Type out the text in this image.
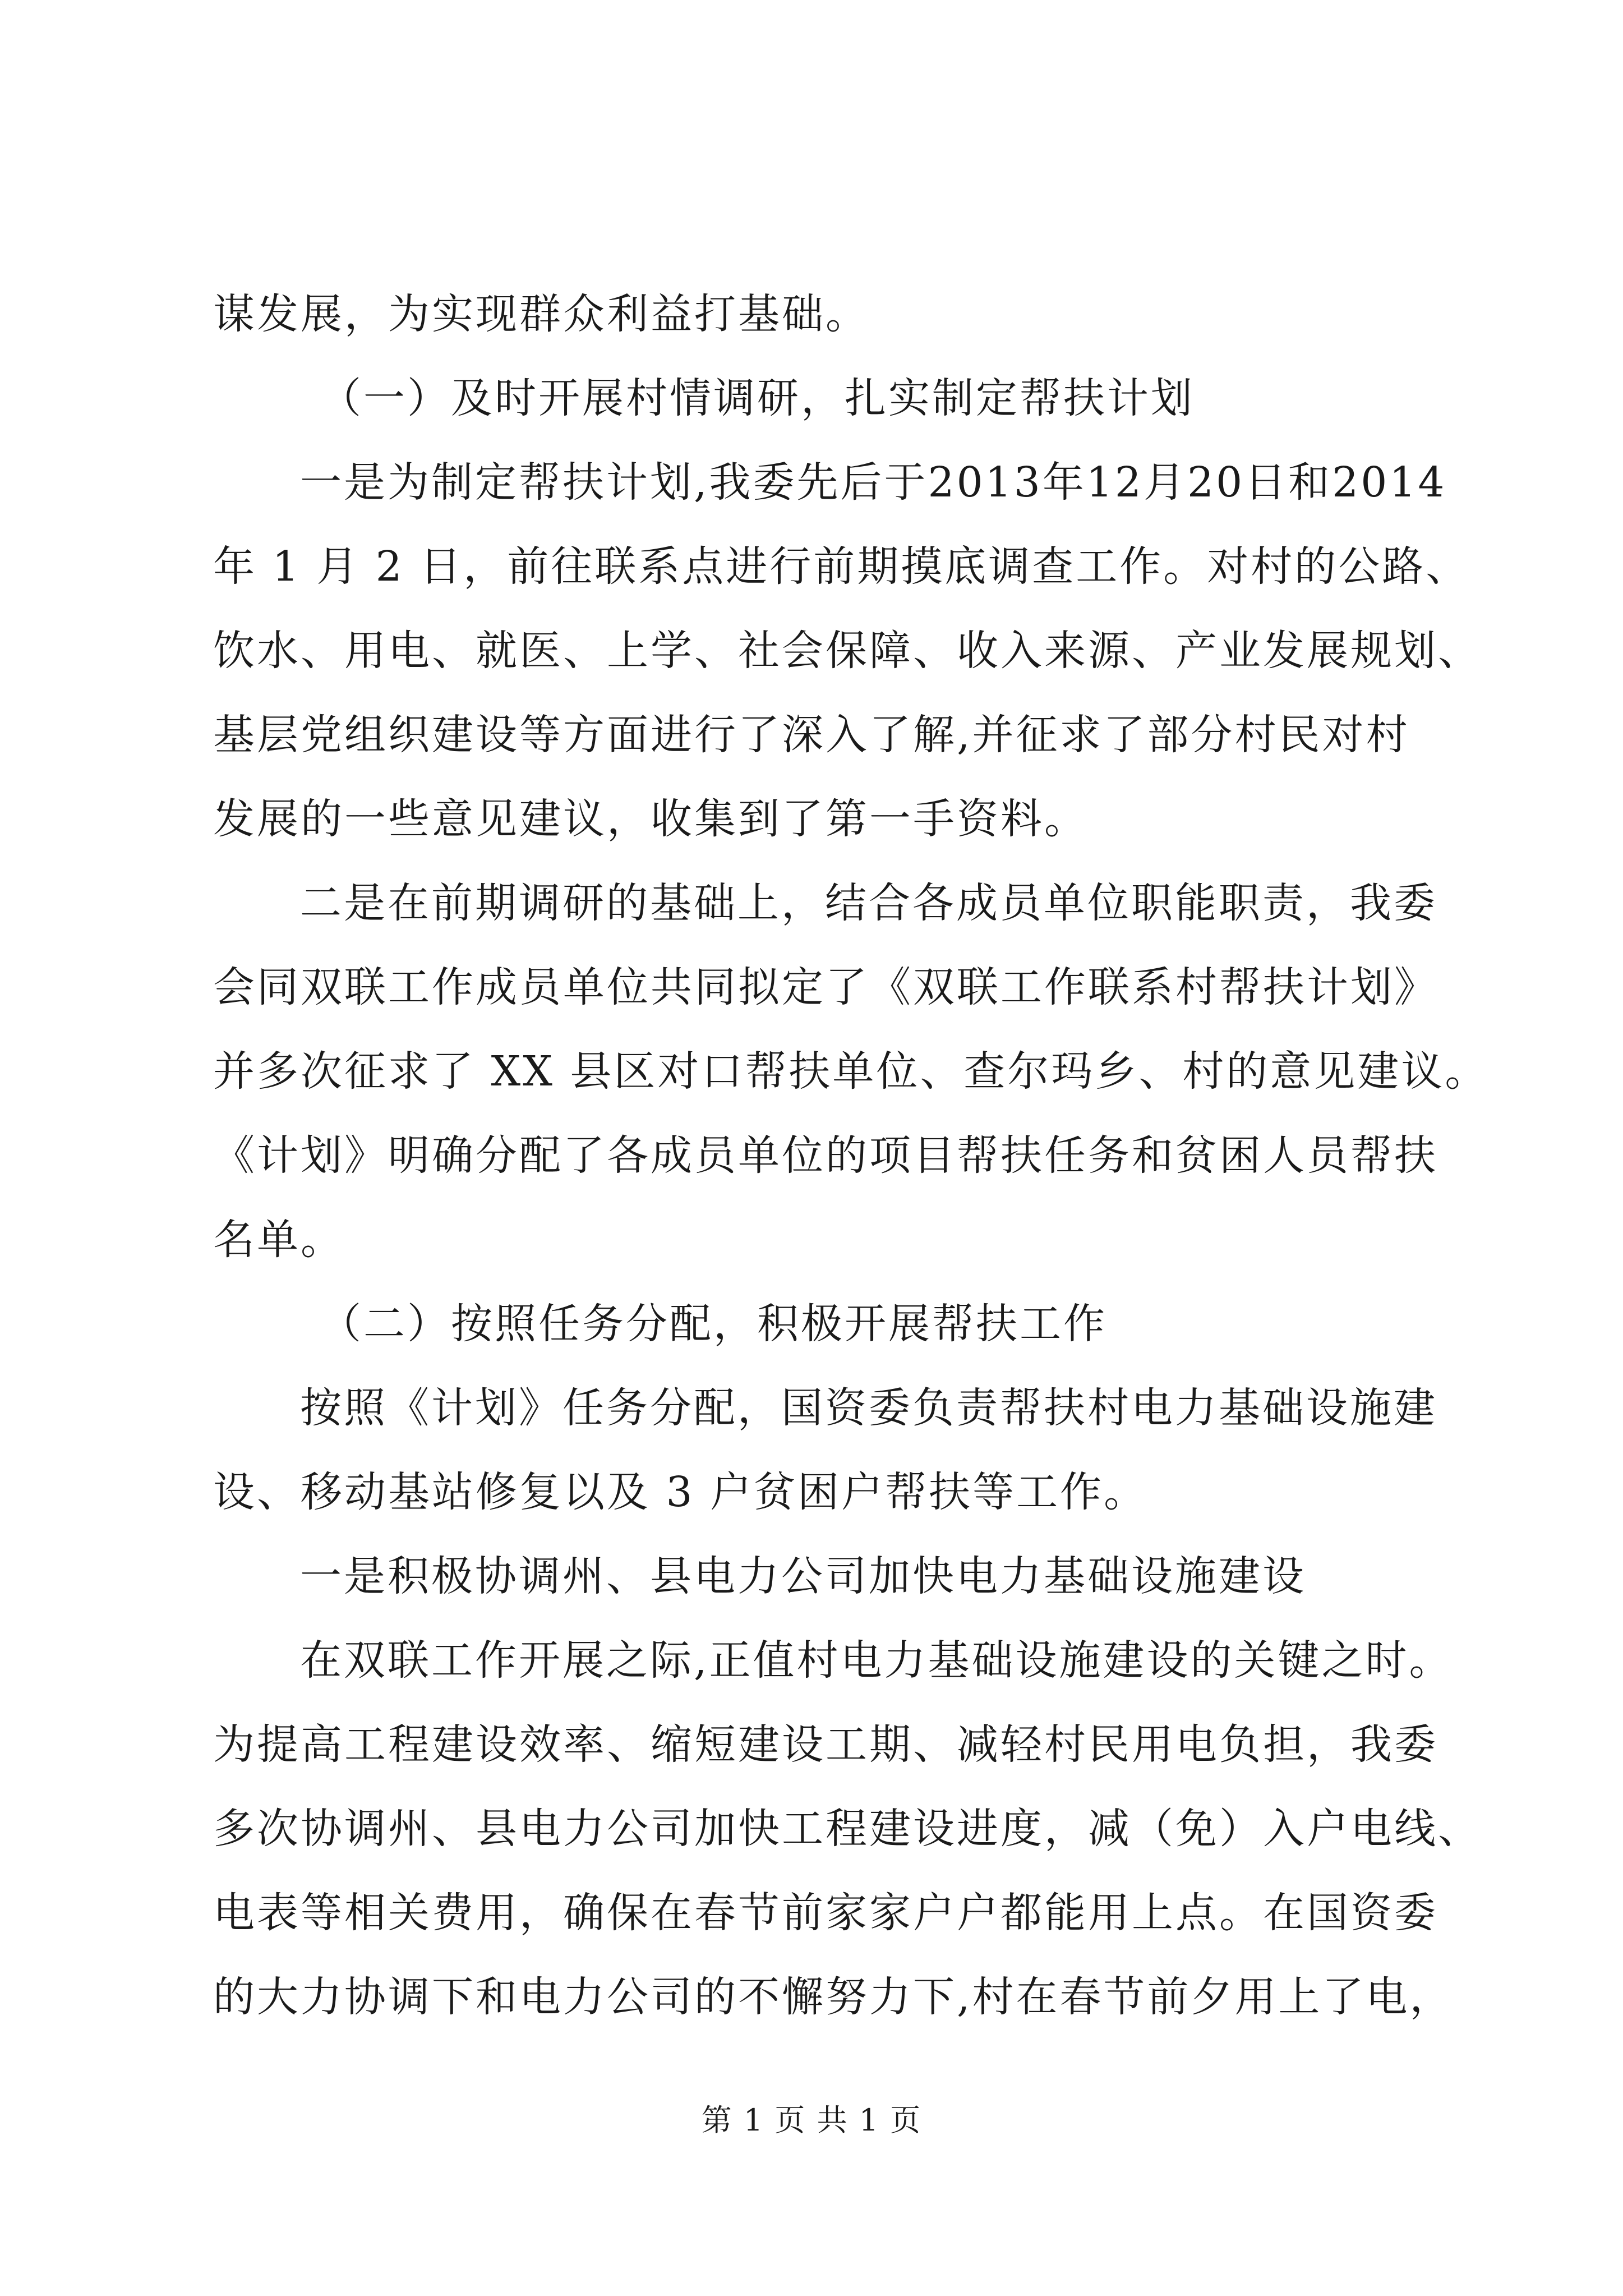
谋发展，为实现群众利益打基础。
（一）及时开展村情调研，扎实制定帮扶计划
一是为制定帮扶计划,我委先后于2013年12月20日和2014
年 1 月 2 日，前往联系点进行前期摸底调查工作。对村的公路、
饮水、用电、就医、上学、社会保障、收入来源、产业发展规划、
基层党组织建设等方面进行了深入了解,并征求了部分村民对村
发展的一些意见建议，收集到了第一手资料。
二是在前期调研的基础上，结合各成员单位职能职责，我委
会同双联工作成员单位共同拟定了《双联工作联系村帮扶计划》
并多次征求了 XX 县区对口帮扶单位、查尔玛乡、村的意见建议。
《计划》明确分配了各成员单位的项目帮扶任务和贫困人员帮扶
名单。
（二）按照任务分配，积极开展帮扶工作
按照《计划》任务分配，国资委负责帮扶村电力基础设施建
设、移动基站修复以及 3 户贫困户帮扶等工作。
一是积极协调州、县电力公司加快电力基础设施建设
在双联工作开展之际,正值村电力基础设施建设的关键之时。
为提高工程建设效率、缩短建设工期、减轻村民用电负担，我委
多次协调州、县电力公司加快工程建设进度，减（免）入户电线、
电表等相关费用，确保在春节前家家户户都能用上点。在国资委
的大力协调下和电力公司的不懈努力下,村在春节前夕用上了电，
第 1 页 共 1 页
